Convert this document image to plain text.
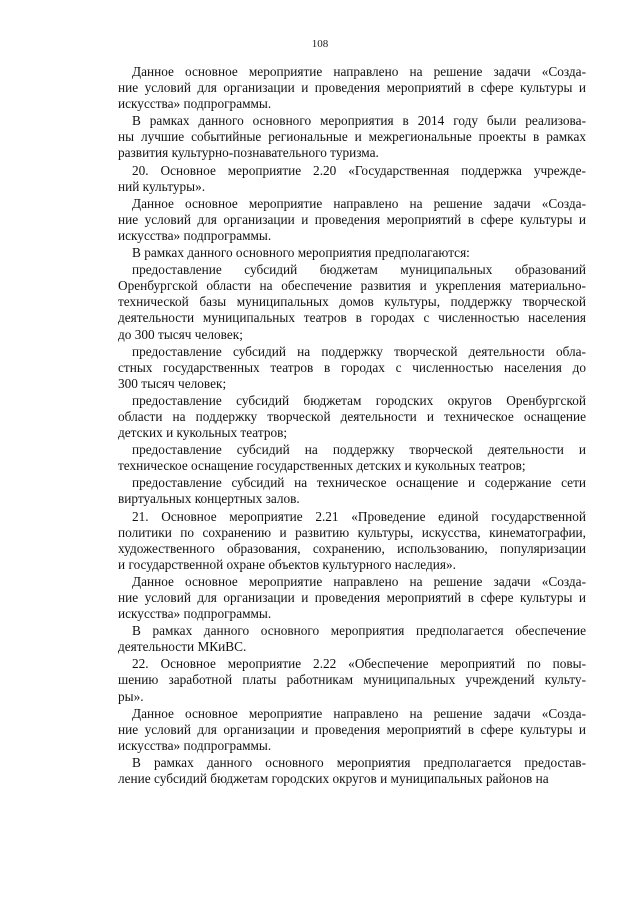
108

Данное основное мероприятие направлено на решение задачи «Созда-
ние условий для организации и проведения мероприятий в сфере культуры и
искусства» подпрограммы.

В рамках данного основного мероприятия в 2014 году были реализова-
ны лучшие событийные региональные и межрегиональные проекты в рамках
развития культурно-познавательного туризма.

20. Основное мероприятие 2.20 «Государственная поддержка учрежде-
ний культуры».

Данное основное мероприятие направлено на решение задачи «Созда-
ние условий для организации и проведения мероприятий в сфере культуры и
искусства» подпрограммы.

В рамках данного основного мероприятия предполагаются:

предоставление субсидий бюджетам муниципальных образований
Оренбургской области на обеспечение развития и укрепления материально-
технической базы муниципальных домов культуры, поддержку творческой
деятельности муниципальных театров в городах с численностью населения
до 300 тысяч человек;

предоставление субсидий на поддержку творческой деятельности обла-
стных государственных театров в городах с численностью населения до
300 тысяч человек;

предоставление субсидий бюджетам городских округов Оренбургской
области на поддержку творческой деятельности и техническое оснащение
детских и кукольных театров;

предоставление субсидий на поддержку творческой деятельности и
техническое оснащение государственных детских и кукольных театров;

предоставление субсидий на техническое оснащение и содержание сети
виртуальных концертных залов.

21. Основное мероприятие 2.21 «Проведение единой государственной
политики по сохранению и развитию культуры, искусства, кинематографии,
художественного образования, сохранению, использованию, популяризации
и государственной охране объектов культурного наследия».

Данное основное мероприятие направлено на решение задачи «Созда-
ние условий для организации и проведения мероприятий в сфере культуры и
искусства» подпрограммы.

В рамках данного основного мероприятия предполагается обеспечение
деятельности МКиВС.

22. Основное мероприятие 2.22 «Обеспечение мероприятий по повы-
шению заработной платы работникам муниципальных учреждений культу-
ры».

Данное основное мероприятие направлено на решение задачи «Созда-
ние условий для организации и проведения мероприятий в сфере культуры и
искусства» подпрограммы.

В рамках данного основного мероприятия предполагается предостав-
ление субсидий бюджетам городских округов и муниципальных районов на
